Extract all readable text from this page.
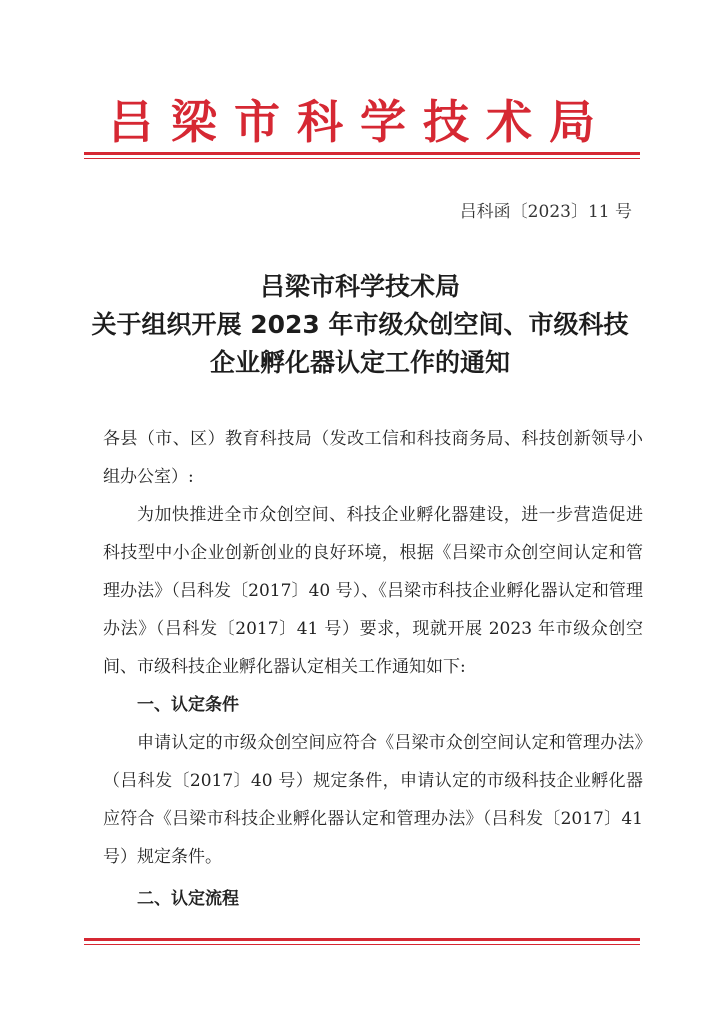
吕梁市科学技术局
吕科函〔2023〕11 号
吕梁市科学技术局
关于组织开展 2023 年市级众创空间、市级科技
企业孵化器认定工作的通知

各县（市、区）教育科技局（发改工信和科技商务局、科技创新领导小组办公室）:

为加快推进全市众创空间、科技企业孵化器建设，进一步营造促进科技型中小企业创新创业的良好环境，根据《吕梁市众创空间认定和管理办法》（吕科发〔2017〕40 号）、《吕梁市科技企业孵化器认定和管理办法》（吕科发〔2017〕41 号）要求，现就开展 2023 年市级众创空间、市级科技企业孵化器认定相关工作通知如下:

一、认定条件

申请认定的市级众创空间应符合《吕梁市众创空间认定和管理办法》（吕科发〔2017〕40 号）规定条件，申请认定的市级科技企业孵化器应符合《吕梁市科技企业孵化器认定和管理办法》（吕科发〔2017〕41 号）规定条件。

二、认定流程
